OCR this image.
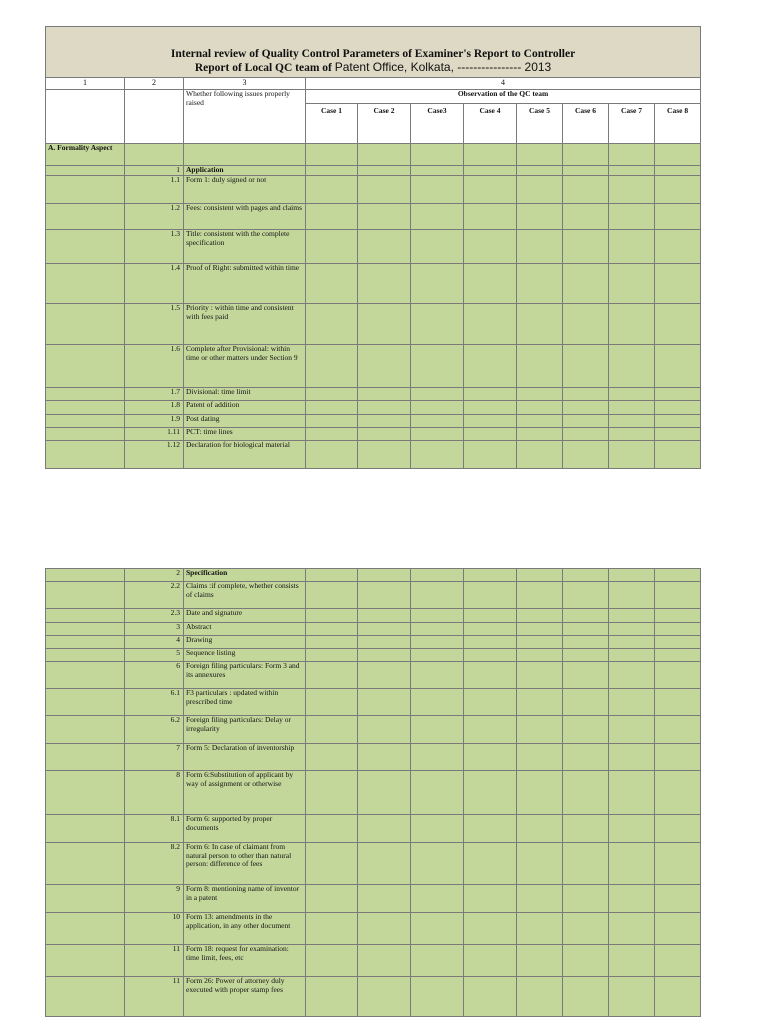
Internal review of Quality Control Parameters of Examiner's Report to Controller
Report of Local QC team of Patent Office, Kolkata, ---------------- 2013										

1	2	3	4							
		Whether following issues properly raised	Observation of the QC team							
			Case 1	Case 2	Case3	Case 4	Case 5	Case 6	Case 7	Case 8
A. Formality Aspect										
	1	Application								
	1.1	Form 1: duly signed or not								
	1.2	Fees: consistent with pages and claims								
	1.3	Title: consistent with the complete specification								
	1.4	Proof of Right: submitted within time								
	1.5	Priority : within time and consistent with fees paid								
	1.6	Complete after Provisional: within time or other matters under Section 9								
	1.7	Divisional: time limit								
	1.8	Patent of addition								
	1.9	Post dating								
	1.11	PCT: time lines								
	1.12	Declaration for biological material								
	2	Specification								
	2.2	Claims :if complete, whether consists of claims								
	2.3	Date and signature								
	3	Abstract								
	4	Drawing								
	5	Sequence listing								
	6	Foreign filing particulars: Form 3 and its annexures								
	6.1	F3 particulars : updated within prescribed time								
	6.2	Foreign filing particulars: Delay or irregularity								
	7	Form 5: Declaration of inventorship								
	8	Form 6:Substitution of applicant by way of assignment or otherwise								
	8.1	Form 6: supported by proper documents								
	8.2	Form 6: In case of claimant from natural person to other than natural person: difference of fees								
	9	Form 8: mentioning name of inventor in a patent								
	10	Form 13: amendments in the application, in any other document								
	11	Form 18: request for examination: time limit, fees, etc								
	11	Form 26: Power of attorney duly executed with proper stamp fees								
